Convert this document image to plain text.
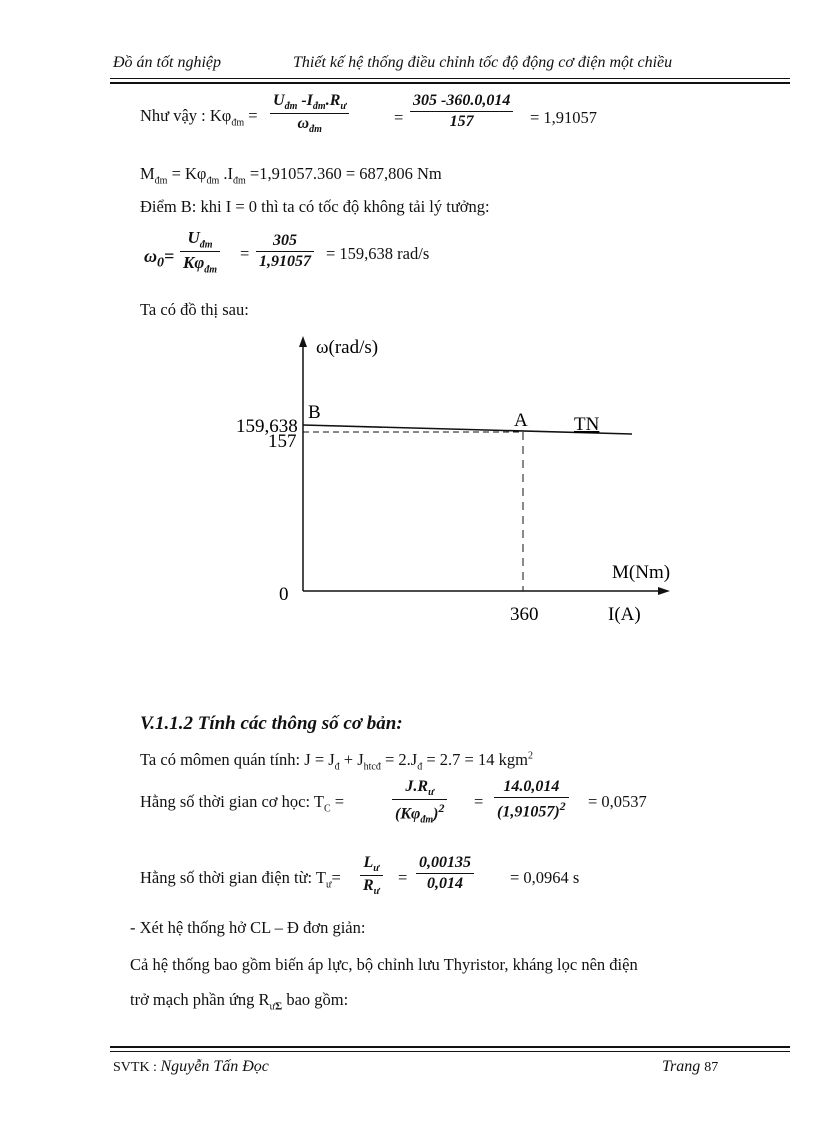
Đồ án tốt nghiệp	Thiết kế hệ thống điều chỉnh tốc độ động cơ điện một chiều
Như vậy : $K\varphi_{đm}$ =
$U_{đm}$ $-I_{đm}.R_ư$
$\omega_{đm}$
=
305 -360.0,014
157	= 1,91057
$M_{đm} = K\varphi_{đm}$ $.I_{đm} =1,91057.360 = 687,806$ Nm
Điểm B: khi I = 0 thì ta có tốc độ không tải lý tưởng:
$\omega_0=$
$U_{đm}$
$K\varphi_{đm}$
=
305
1,91057 = 159,638 rad/s
Ta có đồ thị sau:
ω(rad/s)
159,638
157
B	A TN
0
M(Nm)
360	I(A)
V.1.1.2 Tính các thông số cơ bản:
Ta có mômen quán tính: $J = J_đ + J_{htcđ} = 2.J_đ = 2.7 = 14$ kgm$^2$
Hằng số thời gian cơ học: $T_C$ =
$J.R_ư$
$(K\varphi_{đm})^2$ =
14.0,014
$(1,91057)^2 = 0,0537$
Hằng số thời gian điện từ: $T_ư=$
$L_ư$
$R_ư$
=
0,00135
0,014	= 0,0964 s
- Xét hệ thống hở CL – Đ đơn giản:
Cả hệ thống bao gồm biến áp lực, bộ chỉnh lưu Thyristor, kháng lọc nên điện
trở mạch phần ứng $R_{ư\Sigma}$ bao gồm:
SVTK : Nguyễn Tấn Đọc	Trang 87
